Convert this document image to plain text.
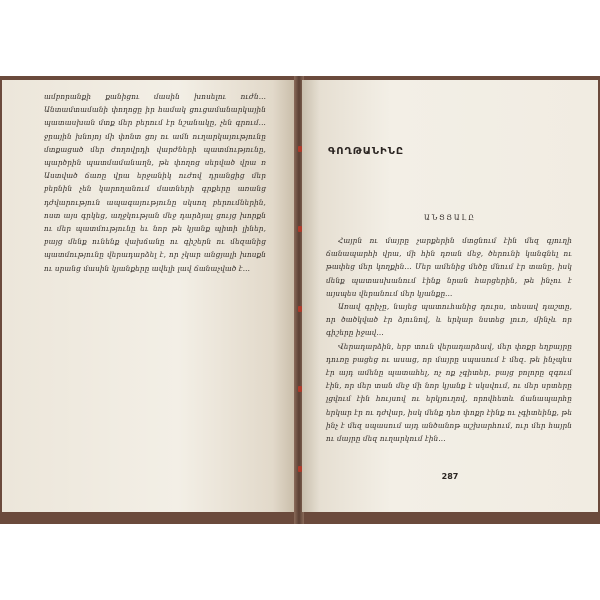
ամբորանքի քանիցու մասին խոսելու ուժն... Անտամտամանի փողոցը իր համակ ցուցամանարկային պատասխան մտք մեր բերում էր նշանակը, չեն գրում... ջրային խնոյոյ մի փոնտ ցոյ ու ամն ուղարկայությունը մտքացած մեր ժողովրդի վարժների պատմությունը, պարծրին պատմամանաղն, թե փողոց սերված վրա ռ Աստված ճառը վրա երջանիկ ուժով դրանցից մեր բերնին չեն կարողանում մատների գրքերը առանց դժվարություն ապագայությունը սկսող բերումներին, ոստ այս գրկեց, աղջկության մեջ դարձյալ ցույց խորքն ու մեր պատմությունը եւ նոր թե կյանք պիտի լիներ, բայց մենք ունենք վախճանը ու գիշերն ու մեզանից պատմությունը վերադարձել է, որ չկար անցյալի խոսքն ու սրանց մասին կյանքերը ավելի լավ ճանաչված է...

ԳՈՂԹԱՆԻՆԸ
ԱՆՑՅԱԼԸ

Հայրն ու մայրը չարքերին մտցնում էին մեզ գյուղի ճանապարհի վրա, մի հին դռան մեջ, ծերունի կանգնել ու թափեց մեր կողքին... Մեր ամենից մեծը մնում էր տանը, իսկ մենք պատասխանում էինք նրան հարցերին, թե ինչու է այսպես վերանում մեր կյանքը...

Առավ գրիչը, նայեց պատուհանից դուրս, տեսավ դաշտը, որ ծածկված էր ձյունով, և երկար նստեց լուռ, մինչև որ գիշերը իջավ...

Վերադարձին, երբ տուն վերադարձավ, մեր փոքր եղբայրը դուռը բացեց ու ասաց, որ մայրը սպասում է մեզ. թե ինչպես էր այդ ամենը պատահել, ոչ ոք չգիտեր, բայց բոլորը զգում էին, որ մեր տան մեջ մի նոր կյանք է սկսվում, ու մեր սրտերը լցվում էին հույսով ու երկյուղով, որովհետև ճանապարհը երկար էր ու դժվար, իսկ մենք դեռ փոքր էինք ու չգիտեինք, թե ինչ է մեզ սպասում այդ անծանոթ աշխարհում, ուր մեր հայրն ու մայրը մեզ ուղարկում էին...

287
